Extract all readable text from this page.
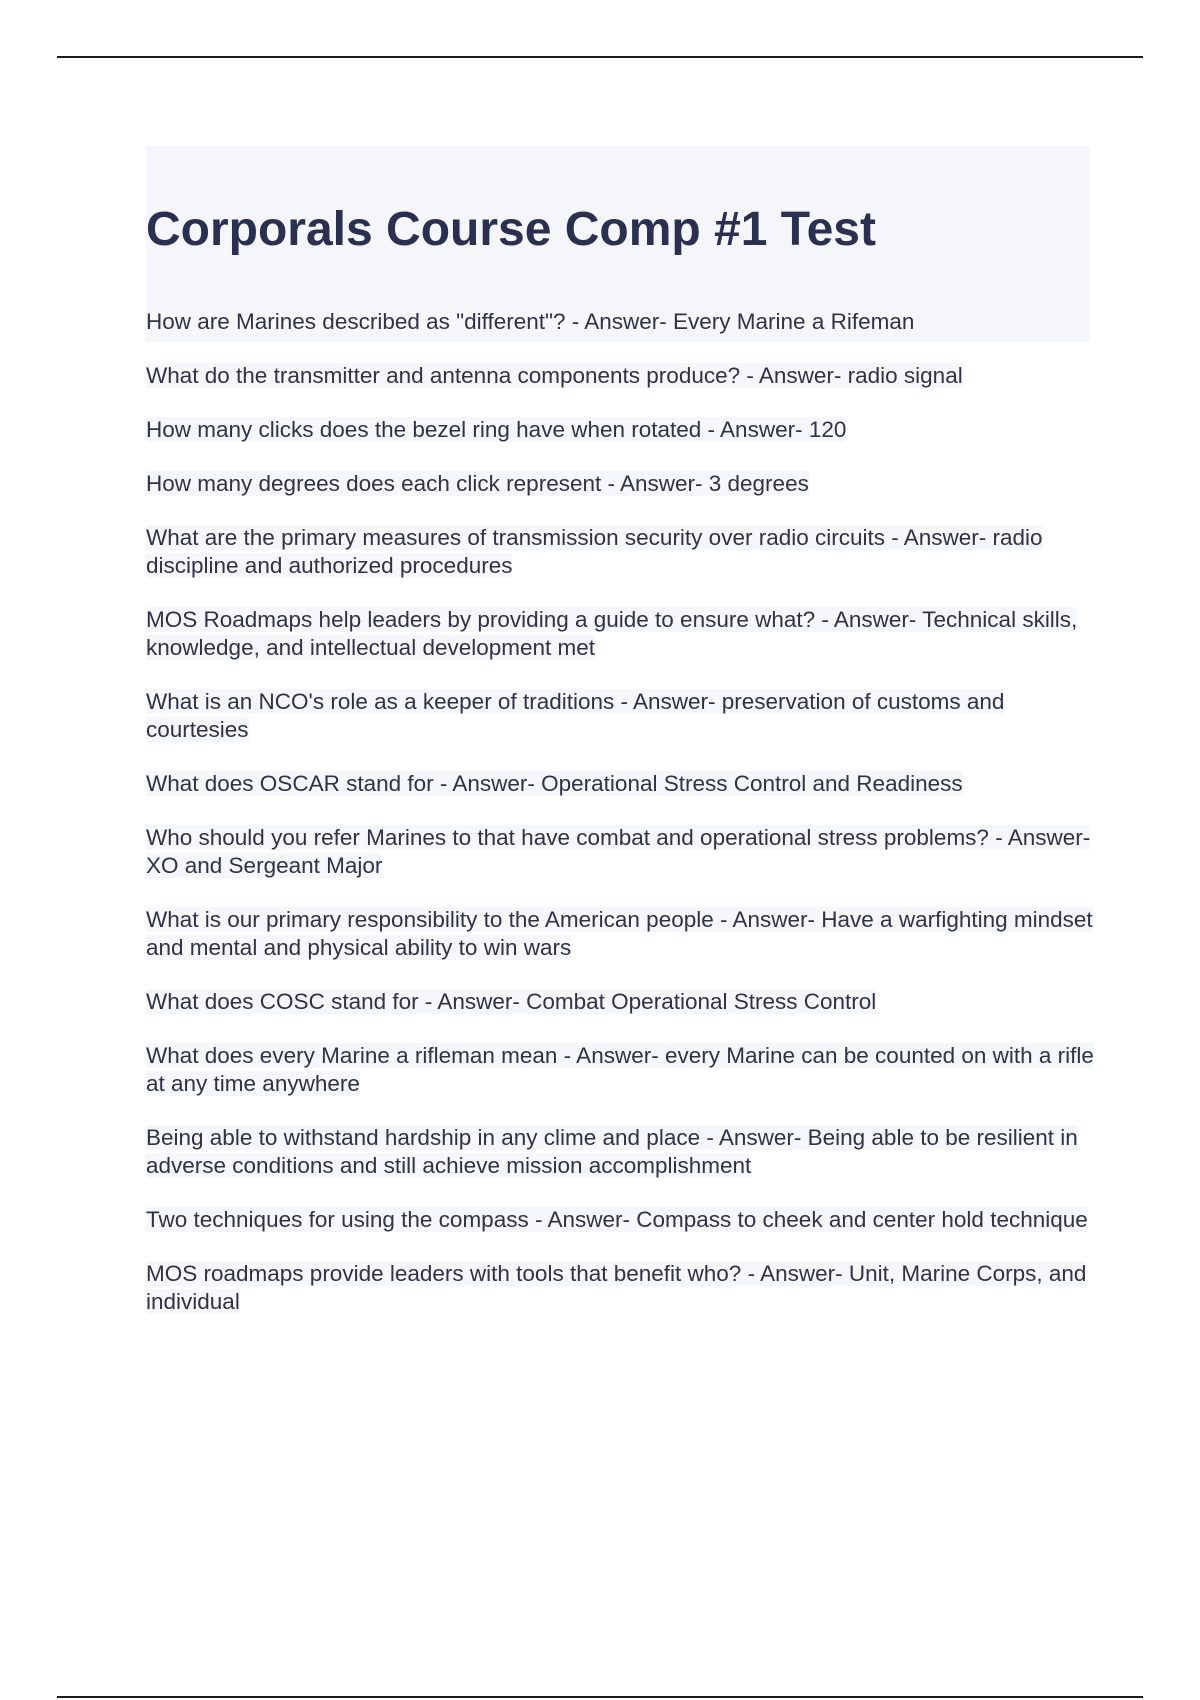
Corporals Course Comp #1 Test
How are Marines described as "different"? - Answer- Every Marine a Rifeman
What do the transmitter and antenna components produce? - Answer- radio signal
How many clicks does the bezel ring have when rotated - Answer- 120
How many degrees does each click represent - Answer- 3 degrees
What are the primary measures of transmission security over radio circuits - Answer- radio discipline and authorized procedures
MOS Roadmaps help leaders by providing a guide to ensure what? - Answer- Technical skills, knowledge, and intellectual development met
What is an NCO's role as a keeper of traditions - Answer- preservation of customs and courtesies
What does OSCAR stand for - Answer- Operational Stress Control and Readiness
Who should you refer Marines to that have combat and operational stress problems? - Answer- XO and Sergeant Major
What is our primary responsibility to the American people - Answer- Have a warfighting mindset and mental and physical ability to win wars
What does COSC stand for - Answer- Combat Operational Stress Control
What does every Marine a rifleman mean - Answer- every Marine can be counted on with a rifle at any time anywhere
Being able to withstand hardship in any clime and place - Answer- Being able to be resilient in adverse conditions and still achieve mission accomplishment
Two techniques for using the compass - Answer- Compass to cheek and center hold technique
MOS roadmaps provide leaders with tools that benefit who? - Answer- Unit, Marine Corps, and individual
